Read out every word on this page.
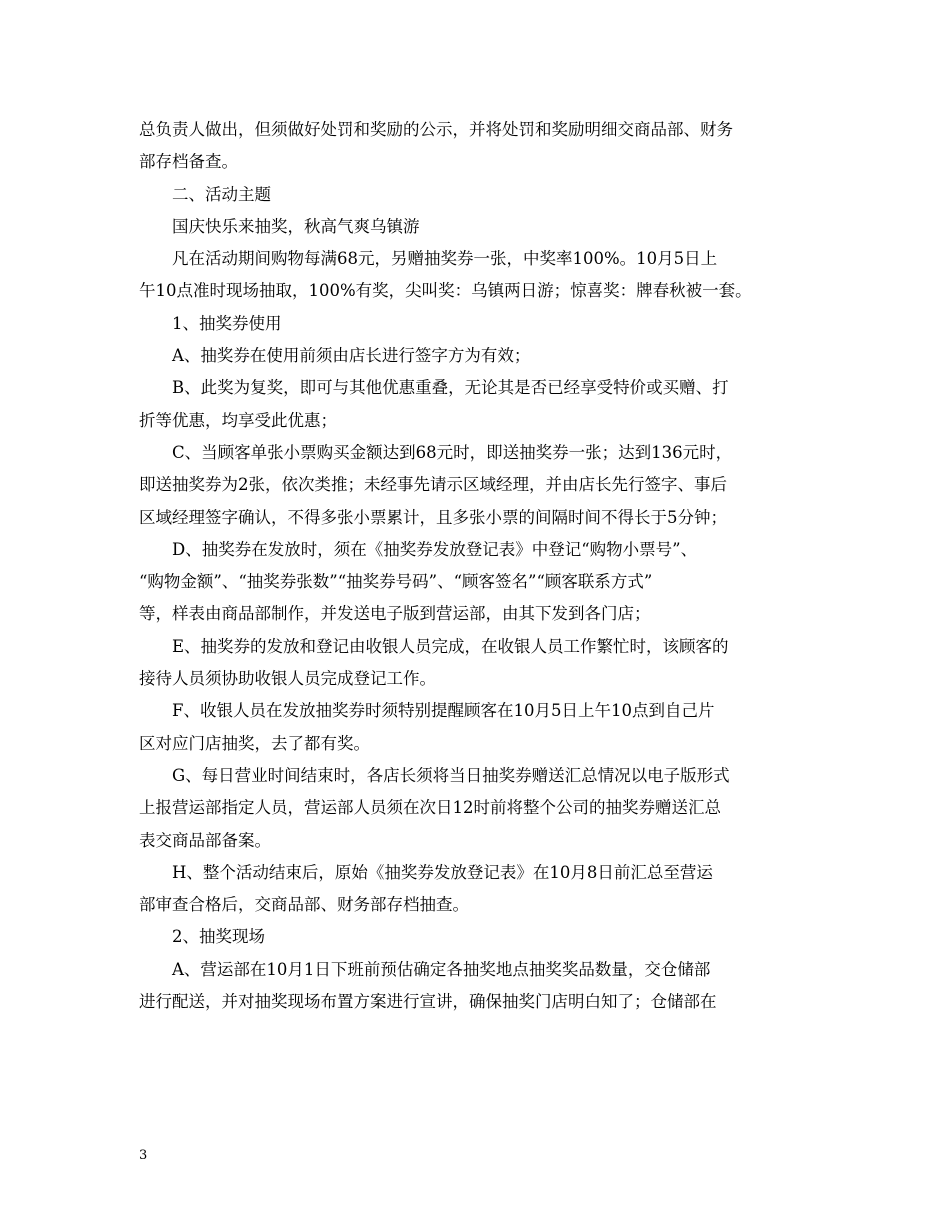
总负责人做出，但须做好处罚和奖励的公示，并将处罚和奖励明细交商品部、财务
部存档备查。
二、活动主题
国庆快乐来抽奖，秋高气爽乌镇游
凡在活动期间购物每满68元，另赠抽奖券一张，中奖率100%。10月5日上
午10点准时现场抽取，100%有奖，尖叫奖：乌镇两日游；惊喜奖：牌春秋被一套。
1、抽奖券使用
A、抽奖券在使用前须由店长进行签字方为有效；
B、此奖为复奖，即可与其他优惠重叠，无论其是否已经享受特价或买赠、打
折等优惠，均享受此优惠；
C、当顾客单张小票购买金额达到68元时，即送抽奖券一张；达到136元时，
即送抽奖券为2张，依次类推；未经事先请示区域经理，并由店长先行签字、事后
区域经理签字确认，不得多张小票累计，且多张小票的间隔时间不得长于5分钟；
D、抽奖券在发放时，须在《抽奖券发放登记表》中登记“购物小票号”、
“购物金额”、“抽奖券张数”“抽奖券号码”、“顾客签名”“顾客联系方式”
等，样表由商品部制作，并发送电子版到营运部，由其下发到各门店；
E、抽奖券的发放和登记由收银人员完成，在收银人员工作繁忙时，该顾客的
接待人员须协助收银人员完成登记工作。
F、收银人员在发放抽奖券时须特别提醒顾客在10月5日上午10点到自己片
区对应门店抽奖，去了都有奖。
G、每日营业时间结束时，各店长须将当日抽奖券赠送汇总情况以电子版形式
上报营运部指定人员，营运部人员须在次日12时前将整个公司的抽奖券赠送汇总
表交商品部备案。
H、整个活动结束后，原始《抽奖券发放登记表》在10月8日前汇总至营运
部审查合格后，交商品部、财务部存档抽查。
2、抽奖现场
A、营运部在10月1日下班前预估确定各抽奖地点抽奖奖品数量，交仓储部
进行配送，并对抽奖现场布置方案进行宣讲，确保抽奖门店明白知了；仓储部在
3
